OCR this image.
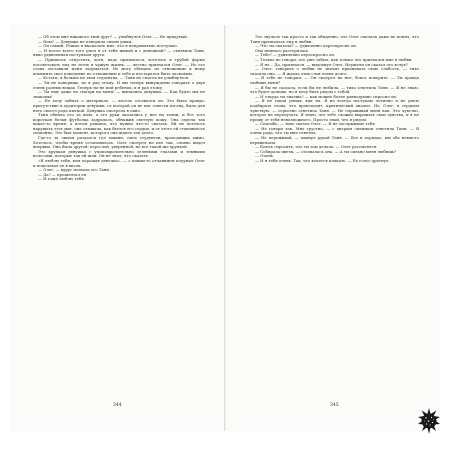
— Об этом мне никакого твой друг? — улыбнулся Олег. — Не придумай.

— Нам? — Девушка не поверила своим ушам.

— Он самый. Решил я высказать мне, что я неправильно поступаю.

— И после всего того умел я от тебя живой и с денежной? — съязвила Таня, явно удивленная поступком друга.

— Пришлось отпустить, хотя, надо признаться, хотелось в грубой форме посоветовать ему не лезть в чужую жизнь, — честно признался Олег. — Но его слова заставили меня задуматься. Не могу обещать по отношению к нему изменить свое поведение по отношению к тебе и постарался быть ласковым.

— Кстати, я больше не твоя студентка. — Таня не смогла не улыбнуться.

— Ты не поверишь, но я рад этому. И мы теперь вынуждены говорить о двух очень разных вещах. Теперь ты не мой ребенок, и я рад этому.

— Ты еще даже не смотри на меня! — выпалила девушка. — Как будто мы не знакомы!

— Не хочу забыть о материале, — весело отозвался он. Это была правда: присутствие в аудитории девушки, от которой он не мог отвести взгляд, было для него своего рода пыткой. Девушка смотрела в окно.

Таня обняла его за шею, а его руки оказались у нее на талии, и без того короткая белая футболка задралась, обнажив светлую кожу. Она сидела так какое-то время, а потом решила, что нужно что-то сказать. Ей не хотелось нарушать этот миг, она слышала, как бьется его сердце, и от этого ей становилось спокойно. Это был момент, которого она ждала так долго.

Где-то за окном раздался гул машин, смех студентов, проходящих мимо. Хотелось, чтобы время остановилось. Олег смотрел на нее так, словно видел впервые. Она была другой: взрослой, уверенной, но все такой же хрупкой.

Это хрупкая девушка с умопомрачительно зелеными глазами и темными волосами, которые так ей шли. Он не знал, что сказать.

«Я люблю тебя, моя хорошая девочка», — с каким-то отчаянием подумал Олег и поцеловал ее в висок.

— Олег, — вдруг позвала его Таня.

— Да? — прошептал он.

— Я тоже люблю тебя.

Это звучало так просто и так обыденно, что Олег сначала даже не понял, что Таня призналась ему в любви.

— Что ты сказала? — удивленно переспросил он.

Она немного растерялась.

— Тебе? — удивленно переспросил он.

— Только не говори, что уже забыл, как только что признался мне в любви.

— Я не... Да, признался, — выдохнул Олег. Неужели он сказал это вслух?

— Олег, говорить о любви не значит признавать свою слабость, — тихо сказала она. — Я ждала этих слов очень долго.

— Я тебе не говорил. — Он смотрел на нее, боясь поверить. — Ты правда любишь меня?

— Я бы не сказала, если бы не любила, — тихо ответила Таня. — Я не знаю, что будет дальше, но я хочу быть рядом с тобой.

— И откуда ты знаешь? — как можно более равнодушно спросил он.

— Я не такая умная, как ты. Я не всегда поступаю логично и не умею подбирать слова, что происходит, критический анализ. Но, Олег, я сердцем чувствую, — серьезно ответила Таня. — Не спрашивай меня как. Это чувство, которое не перепутать. Я знаю, что тебе сложно выражать свои чувства, и я не прошу от тебя невозможного. Просто знай, что я рядом.

— Спасибо, — тихо сказал Олег. — Я не заслуживаю тебя.

— Не говори так. Мне грустно, — с хитрым смешком ответила Таня. — Я очень рада, что ты мне ответил.

— Не переживай, — махнул рукой Таня. — Все в порядке, мы оба немного нервничаем.

— Боюсь спросить, что ты там делала. — Олег рассмеялся.

— Собирала цветы, — отозвалась она. — А ты сильно меня любишь?

— Очень.

— И я тебя очень. Так, что хочется плакать. — Ее голос дрогнул.

344	345
